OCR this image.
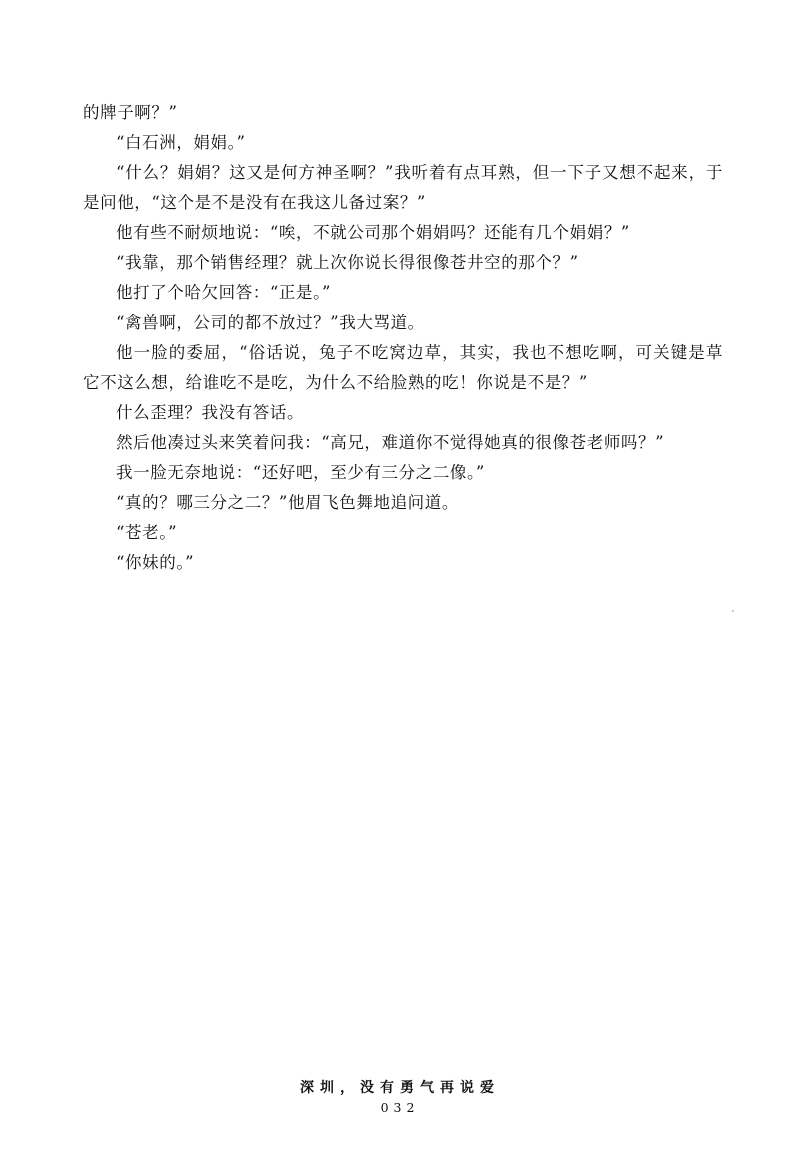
的牌子啊？”

“白石洲，娟娟。”

“什么？娟娟？这又是何方神圣啊？”我听着有点耳熟，但一下子又想不起来，于是问他，“这个是不是没有在我这儿备过案？”

他有些不耐烦地说：“唉，不就公司那个娟娟吗？还能有几个娟娟？”

“我靠，那个销售经理？就上次你说长得很像苍井空的那个？”

他打了个哈欠回答：“正是。”

“禽兽啊，公司的都不放过？”我大骂道。

他一脸的委屈，“俗话说，兔子不吃窝边草，其实，我也不想吃啊，可关键是草它不这么想，给谁吃不是吃，为什么不给脸熟的吃！你说是不是？”

什么歪理？我没有答话。

然后他凑过头来笑着问我：“高兄，难道你不觉得她真的很像苍老师吗？”

我一脸无奈地说：“还好吧，至少有三分之二像。”

“真的？哪三分之二？”他眉飞色舞地追问道。

“苍老。”

“你妹的。”

深圳，没有勇气再说爱
032
